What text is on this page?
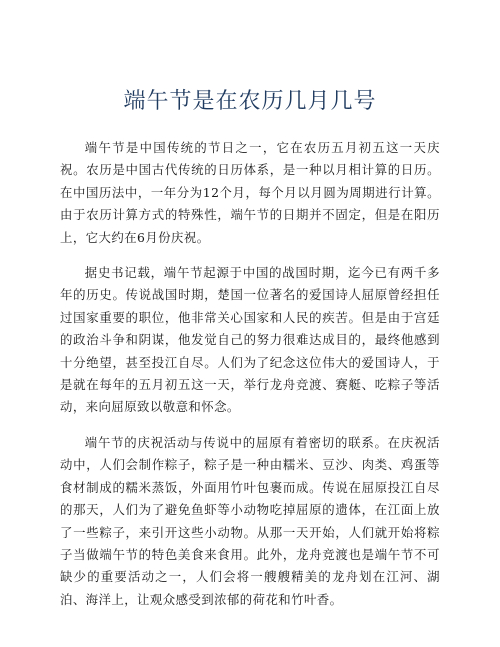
端午节是在农历几月几号

端午节是中国传统的节日之一，它在农历五月初五这一天庆祝。农历是中国古代传统的日历体系，是一种以月相计算的日历。在中国历法中，一年分为12个月，每个月以月圆为周期进行计算。由于农历计算方式的特殊性，端午节的日期并不固定，但是在阳历上，它大约在6月份庆祝。

据史书记载，端午节起源于中国的战国时期，迄今已有两千多年的历史。传说战国时期，楚国一位著名的爱国诗人屈原曾经担任过国家重要的职位，他非常关心国家和人民的疾苦。但是由于宫廷的政治斗争和阴谋，他发觉自己的努力很难达成目的，最终他感到十分绝望，甚至投江自尽。人们为了纪念这位伟大的爱国诗人，于是就在每年的五月初五这一天，举行龙舟竞渡、赛艇、吃粽子等活动，来向屈原致以敬意和怀念。

端午节的庆祝活动与传说中的屈原有着密切的联系。在庆祝活动中，人们会制作粽子，粽子是一种由糯米、豆沙、肉类、鸡蛋等食材制成的糯米蒸饭，外面用竹叶包裹而成。传说在屈原投江自尽的那天，人们为了避免鱼虾等小动物吃掉屈原的遗体，在江面上放了一些粽子，来引开这些小动物。从那一天开始，人们就开始将粽子当做端午节的特色美食来食用。此外，龙舟竞渡也是端午节不可缺少的重要活动之一，人们会将一艘艘精美的龙舟划在江河、湖泊、海洋上，让观众感受到浓郁的荷花和竹叶香。
